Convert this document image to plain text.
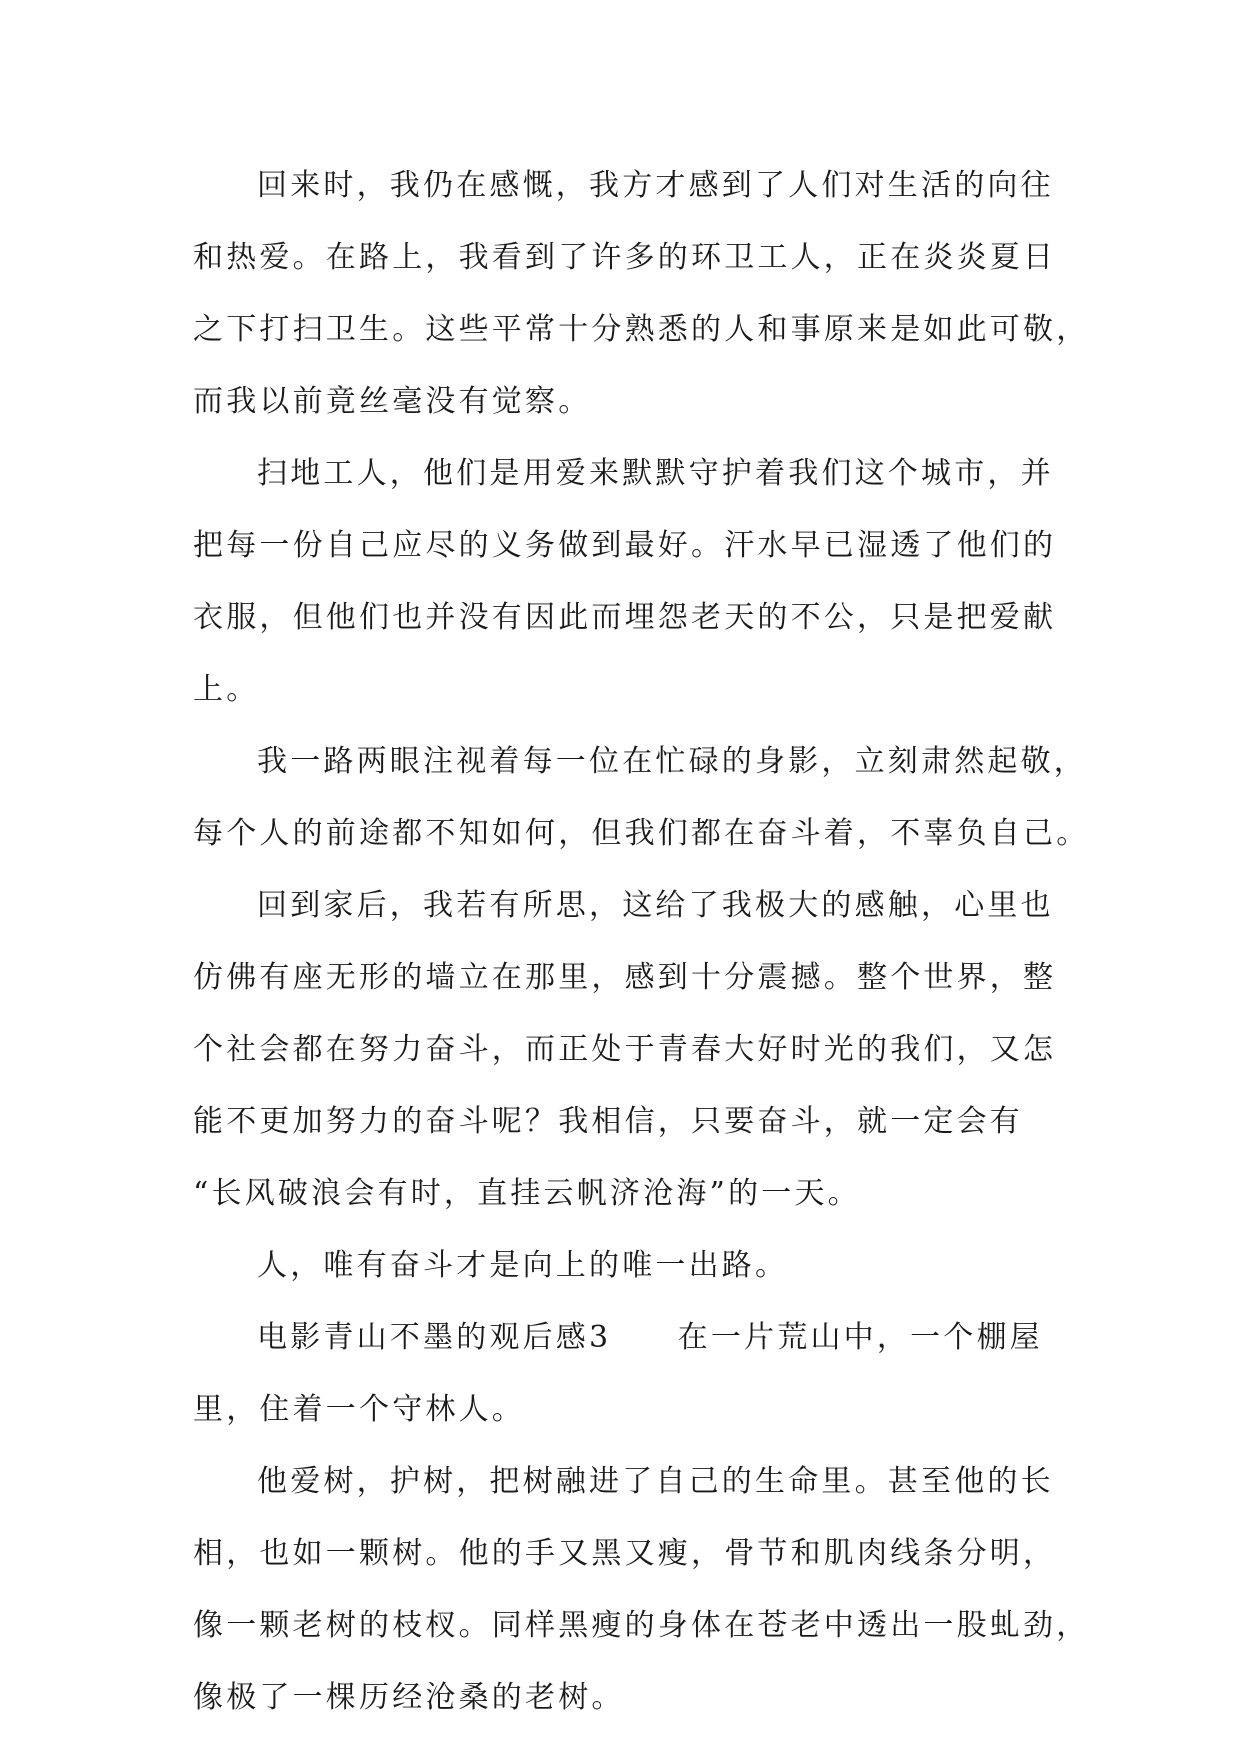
回来时，我仍在感慨，我方才感到了人们对生活的向往

和热爱。在路上，我看到了许多的环卫工人，正在炎炎夏日

之下打扫卫生。这些平常十分熟悉的人和事原来是如此可敬，

而我以前竟丝毫没有觉察。

扫地工人，他们是用爱来默默守护着我们这个城市，并

把每一份自己应尽的义务做到最好。汗水早已湿透了他们的

衣服，但他们也并没有因此而埋怨老天的不公，只是把爱献

上。

我一路两眼注视着每一位在忙碌的身影，立刻肃然起敬，

每个人的前途都不知如何，但我们都在奋斗着，不辜负自己。

回到家后，我若有所思，这给了我极大的感触，心里也

仿佛有座无形的墙立在那里，感到十分震撼。整个世界，整

个社会都在努力奋斗，而正处于青春大好时光的我们，又怎

能不更加努力的奋斗呢？我相信，只要奋斗，就一定会有

“长风破浪会有时，直挂云帆济沧海”的一天。

人，唯有奋斗才是向上的唯一出路。

电影青山不墨的观后感3　　在一片荒山中，一个棚屋

里，住着一个守林人。

他爱树，护树，把树融进了自己的生命里。甚至他的长

相，也如一颗树。他的手又黑又瘦，骨节和肌肉线条分明，

像一颗老树的枝杈。同样黑瘦的身体在苍老中透出一股虬劲，

像极了一棵历经沧桑的老树。
